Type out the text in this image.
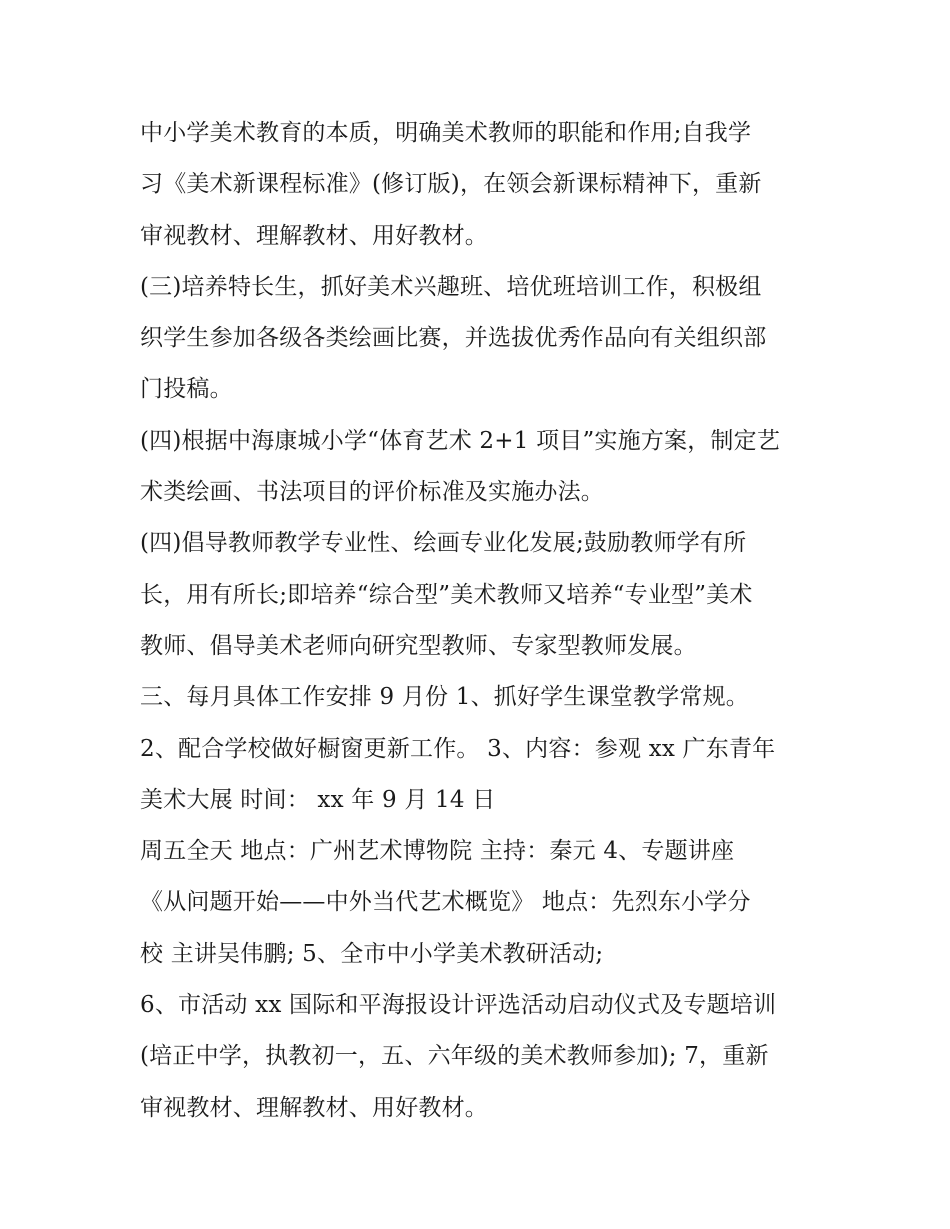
中小学美术教育的本质，明确美术教师的职能和作用;自我学
习《美术新课程标准》(修订版)，在领会新课标精神下，重新
审视教材、理解教材、用好教材。
(三)培养特长生，抓好美术兴趣班、培优班培训工作，积极组
织学生参加各级各类绘画比赛，并选拔优秀作品向有关组织部
门投稿。
(四)根据中海康城小学“体育艺术 2+1 项目”实施方案，制定艺
术类绘画、书法项目的评价标准及实施办法。
(四)倡导教师教学专业性、绘画专业化发展;鼓励教师学有所
长，用有所长;即培养“综合型”美术教师又培养“专业型”美术
教师、倡导美术老师向研究型教师、专家型教师发展。
三、每月具体工作安排 9 月份 1、抓好学生课堂教学常规。
2、配合学校做好橱窗更新工作。 3、内容：参观 xx 广东青年
美术大展 时间： xx 年 9 月 14 日
周五全天 地点：广州艺术博物院 主持：秦元 4、专题讲座
《从问题开始——中外当代艺术概览》 地点：先烈东小学分
校 主讲吴伟鹏; 5、全市中小学美术教研活动;
6、市活动 xx 国际和平海报设计评选活动启动仪式及专题培训
(培正中学，执教初一，五、六年级的美术教师参加); 7，重新
审视教材、理解教材、用好教材。
